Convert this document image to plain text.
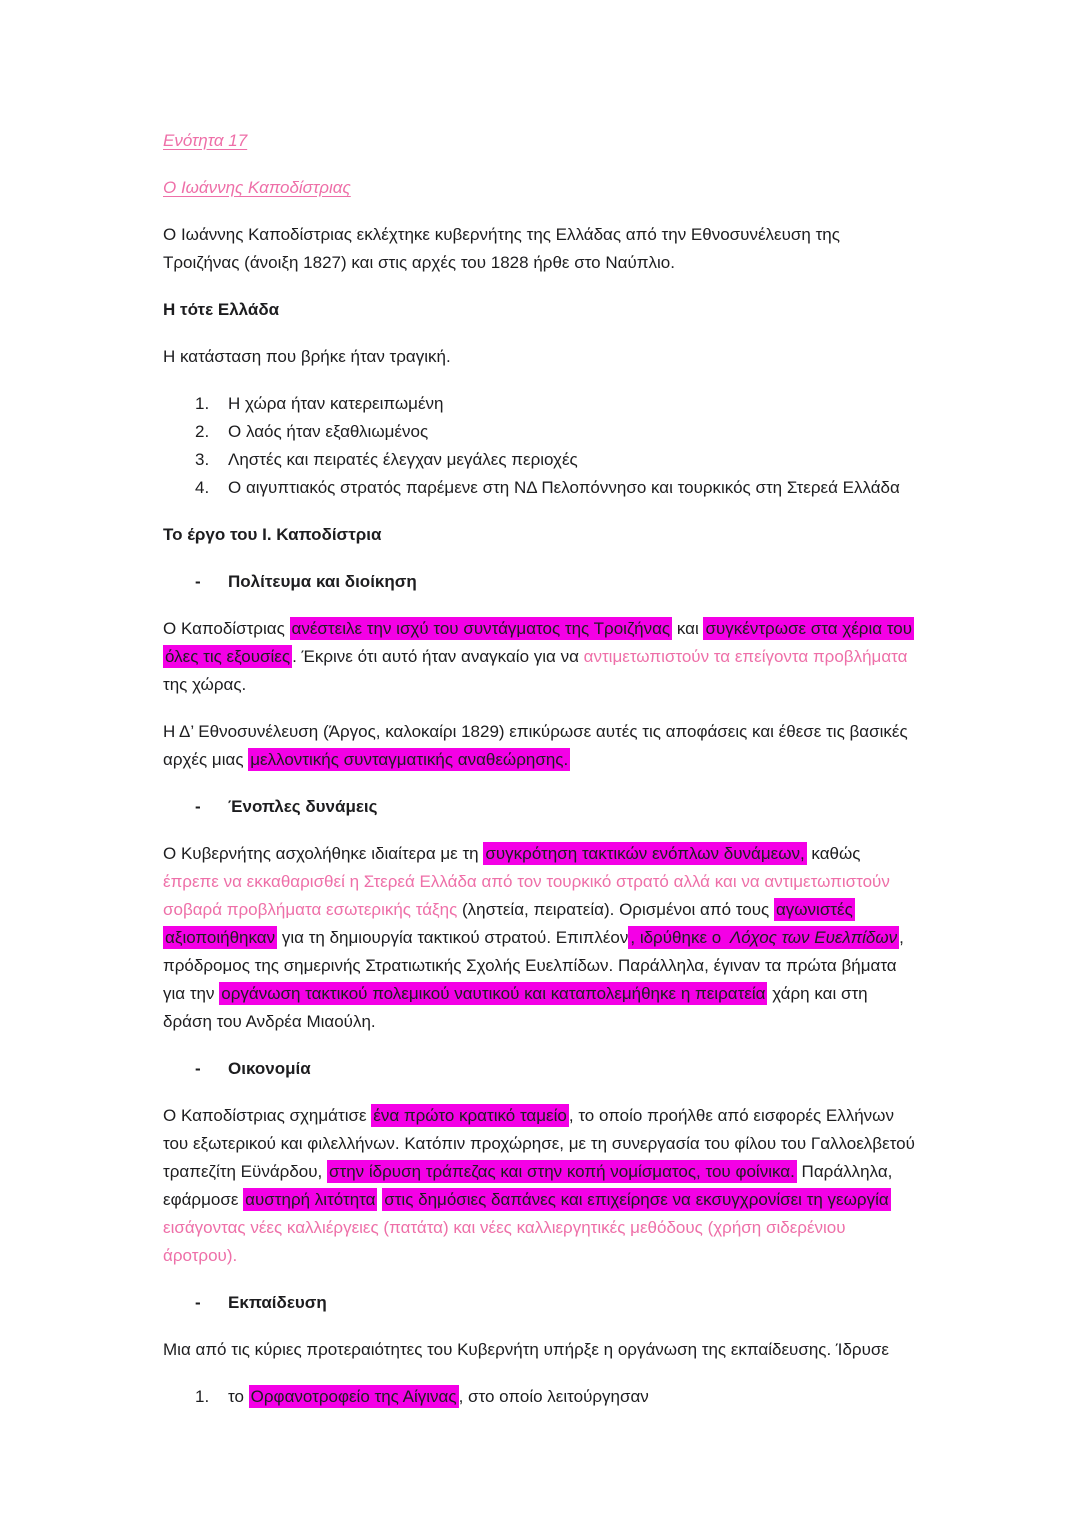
Ενότητα 17
Ο Ιωάννης Καποδίστριας

Ο Ιωάννης Καποδίστριας εκλέχτηκε κυβερνήτης της Ελλάδας από την Εθνοσυνέλευση της Τροιζήνας (άνοιξη 1827) και στις αρχές του 1828 ήρθε στο Ναύπλιο.

Η τότε Ελλάδα

Η κατάσταση που βρήκε ήταν τραγική.

1.	Η χώρα ήταν κατερειπωμένη
2.	Ο λαός ήταν εξαθλιωμένος
3.	Ληστές και πειρατές έλεγχαν μεγάλες περιοχές
4.	Ο αιγυπτιακός στρατός παρέμενε στη ΝΔ Πελοπόννησο και τουρκικός στη Στερεά Ελλάδα
Το έργο του Ι. Καποδίστρια
-	Πολίτευμα και διοίκηση

Ο Καποδίστριας ανέστειλε την ισχύ του συντάγματος της Τροιζήνας και συγκέντρωσε στα χέρια του όλες τις εξουσίες . Έκρινε ότι αυτό ήταν αναγκαίο για να αντιμετωπιστούν τα επείγοντα προβλήματα της χώρας.

Η Δ’ Εθνοσυνέλευση (Άργος, καλοκαίρι 1829) επικύρωσε αυτές τις αποφάσεις και έθεσε τις βασικές αρχές μιας μελλοντικής συνταγματικής αναθεώρησης.

-	Ένοπλες δυνάμεις

Ο Κυβερνήτης ασχολήθηκε ιδιαίτερα με τη συγκρότηση τακτικών ενόπλων δυνάμεων, καθώς έπρεπε να εκκαθαρισθεί η Στερεά Ελλάδα από τον τουρκικό στρατό αλλά και να αντιμετωπιστούν σοβαρά προβλήματα εσωτερικής τάξης (ληστεία, πειρατεία). Ορισμένοι από τους αγωνιστές αξιοποιήθηκαν για τη δημιουργία τακτικού στρατού. Επιπλέον , ιδρύθηκε ο Λόχος των Ευελπίδων , πρόδρομος της σημερινής Στρατιωτικής Σχολής Ευελπίδων. Παράλληλα, έγιναν τα πρώτα βήματα για την οργάνωση τακτικού πολεμικού ναυτικού και καταπολεμήθηκε η πειρατεία χάρη και στη δράση του Ανδρέα Μιαούλη.

-	Οικονομία

Ο Καποδίστριας σχημάτισε ένα πρώτο κρατικό ταμείο , το οποίο προήλθε από εισφορές Ελλήνων του εξωτερικού και φιλελλήνων. Κατόπιν προχώρησε, με τη συνεργασία του φίλου του Γαλλοελβετού τραπεζίτη Εϋνάρδου, στην ίδρυση τράπεζας και στην κοπή νομίσματος, του φοίνικα. Παράλληλα, εφάρμοσε αυστηρή λιτότητα στις δημόσιες δαπάνες και επιχείρησε να εκσυγχρονίσει τη γεωργία εισάγοντας νέες καλλιέργειες (πατάτα) και νέες καλλιεργητικές μεθόδους (χρήση σιδερένιου άροτρου).

-	Εκπαίδευση

Μια από τις κύριες προτεραιότητες του Κυβερνήτη υπήρξε η οργάνωση της εκπαίδευσης. Ίδρυσε

1.	το Ορφανοτροφείο της Αίγινας , στο οποίο λειτούργησαν
